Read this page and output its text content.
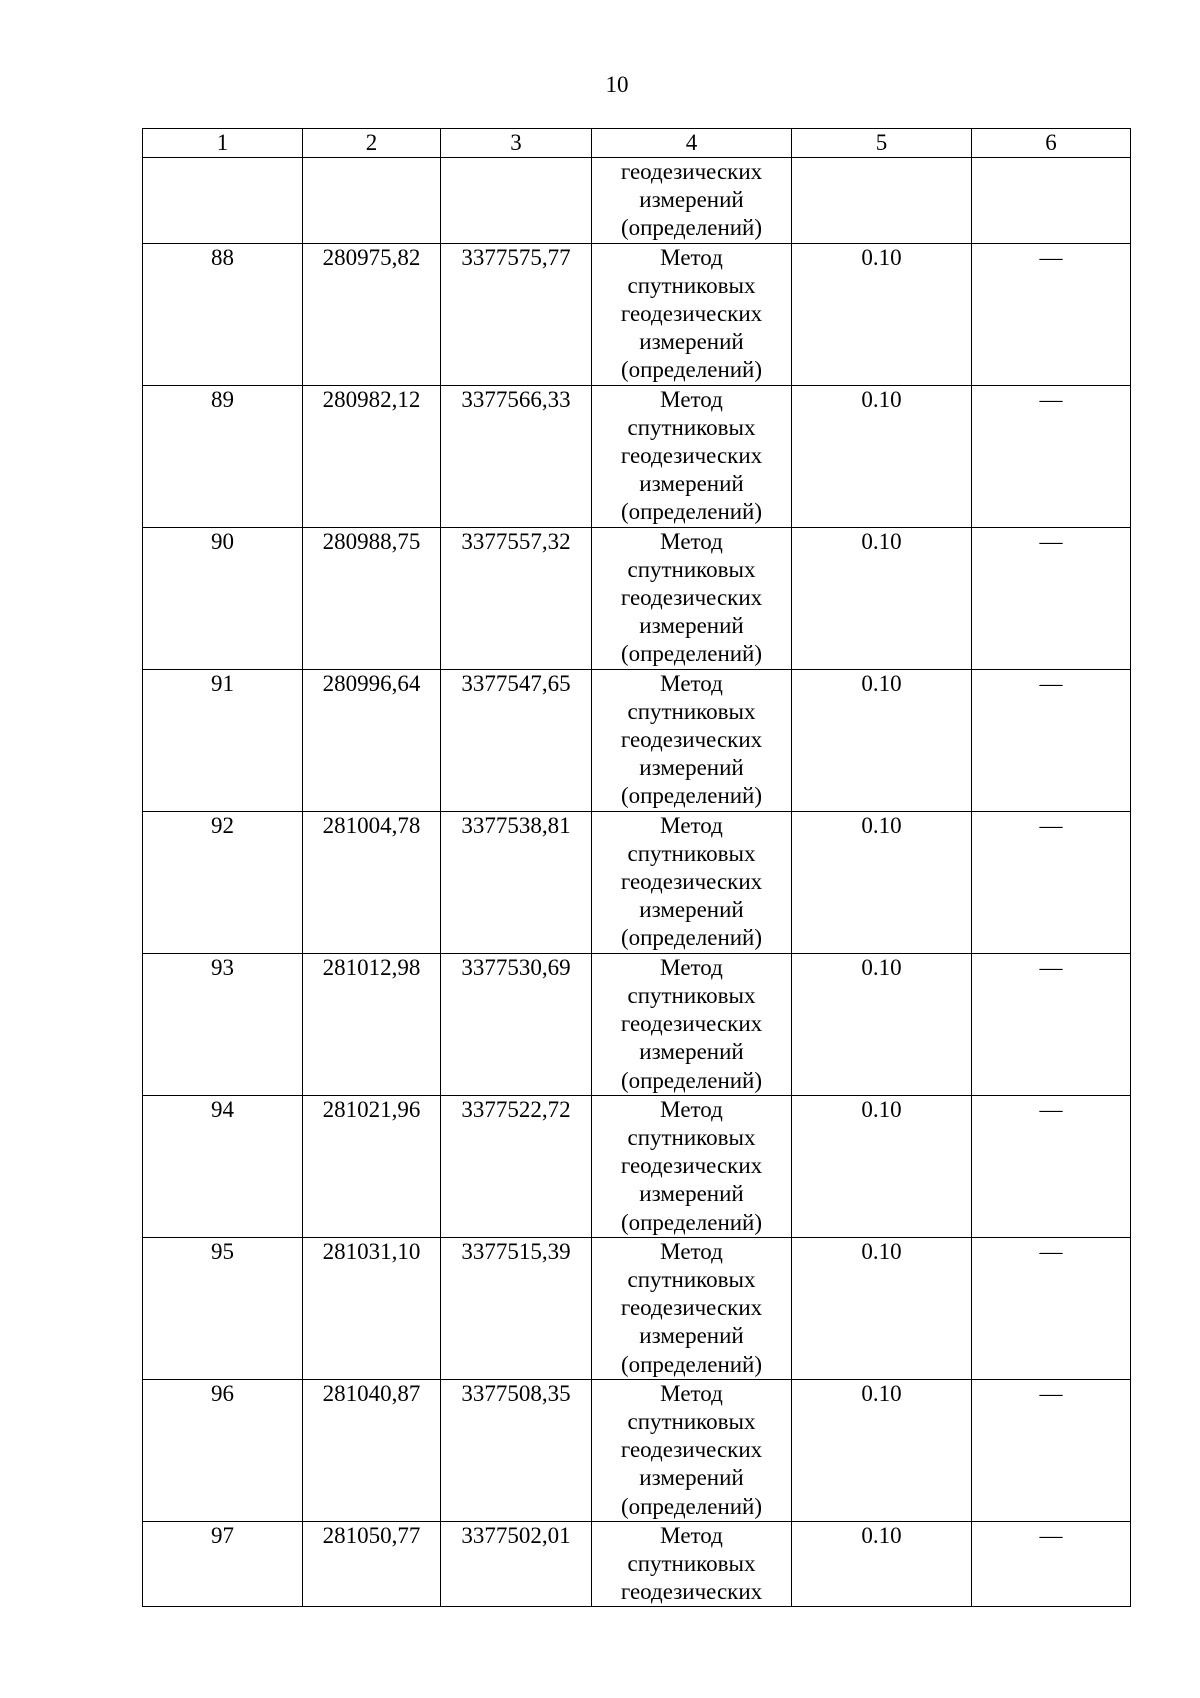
10
1	2	3	4	5	6

			геодезических
измерений
(определений)		

88	280975,82	3377575,77	Метод
спутниковых
геодезических
измерений
(определений)	0.10	—
89	280982,12	3377566,33	Метод
спутниковых
геодезических
измерений
(определений)	0.10	—
90	280988,75	3377557,32	Метод
спутниковых
геодезических
измерений
(определений)	0.10	—
91	280996,64	3377547,65	Метод
спутниковых
геодезических
измерений
(определений)	0.10	—
92	281004,78	3377538,81	Метод
спутниковых
геодезических
измерений
(определений)	0.10	—
93	281012,98	3377530,69	Метод
спутниковых
геодезических
измерений
(определений)	0.10	—
94	281021,96	3377522,72	Метод
спутниковых
геодезических
измерений
(определений)	0.10	—
95	281031,10	3377515,39	Метод
спутниковых
геодезических
измерений
(определений)	0.10	—
96	281040,87	3377508,35	Метод
спутниковых
геодезических
измерений
(определений)	0.10	—
97	281050,77	3377502,01	Метод
спутниковых
геодезических	0.10	—
